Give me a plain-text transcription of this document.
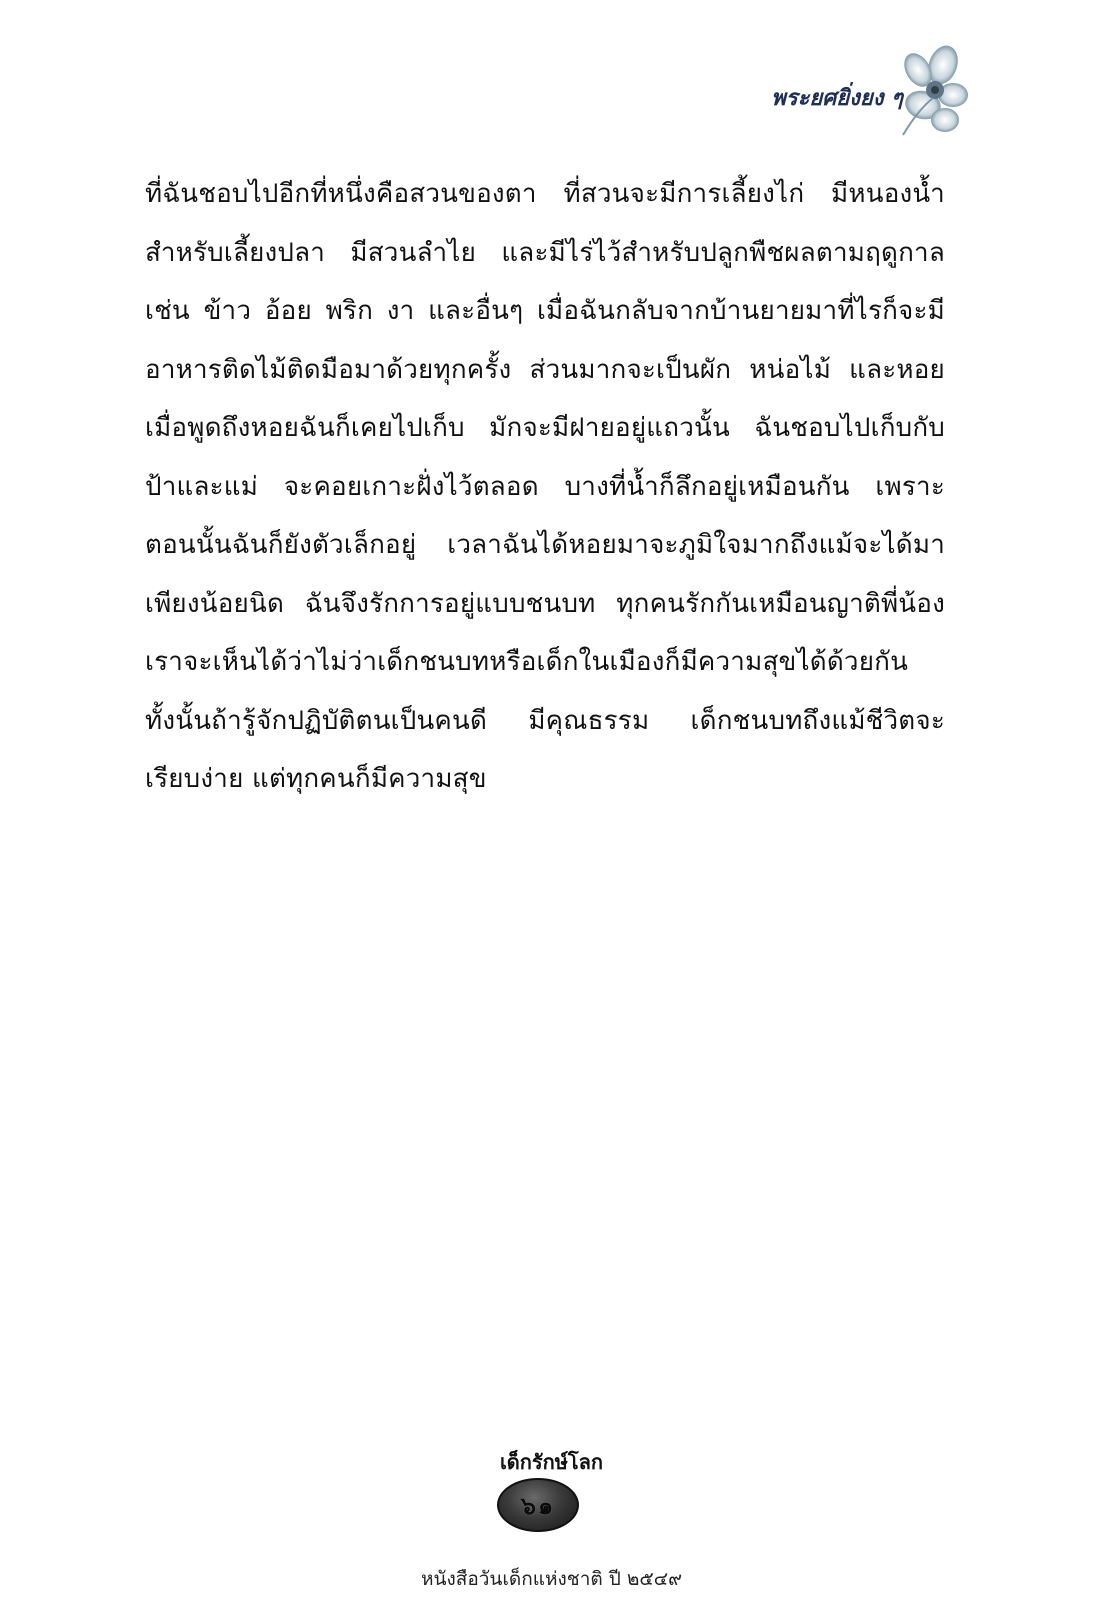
พระยศยิ่งยง ๆ

ที่ฉันชอบไปอีกที่หนึ่งคือสวนของตา ที่สวนจะมีการเลี้ยงไก่ มีหนองน้ำ

สำหรับเลี้ยงปลา มีสวนลำไย และมีไร่ไว้สำหรับปลูกพืชผลตามฤดูกาล

เช่น ข้าว อ้อย พริก งา และอื่นๆ เมื่อฉันกลับจากบ้านยายมาที่ไรก็จะมี

อาหารติดไม้ติดมือมาด้วยทุกครั้ง ส่วนมากจะเป็นผัก หน่อไม้ และหอย

เมื่อพูดถึงหอยฉันก็เคยไปเก็บ มักจะมีฝายอยู่แถวนั้น ฉันชอบไปเก็บกับ

ป้าและแม่ จะคอยเกาะฝั่งไว้ตลอด บางที่น้ำก็ลึกอยู่เหมือนกัน เพราะ

ตอนนั้นฉันก็ยังตัวเล็กอยู่ เวลาฉันได้หอยมาจะภูมิใจมากถึงแม้จะได้มา

เพียงน้อยนิด ฉันจึงรักการอยู่แบบชนบท ทุกคนรักกันเหมือนญาติพี่น้อง

เราจะเห็นได้ว่าไม่ว่าเด็กชนบทหรือเด็กในเมืองก็มีความสุขได้ด้วยกัน

ทั้งนั้นถ้ารู้จักปฏิบัติตนเป็นคนดี มีคุณธรรม เด็กชนบทถึงแม้ชีวิตจะ

เรียบง่าย แต่ทุกคนก็มีความสุข

เด็กรักษ์โลก
๖๑
หนังสือวันเด็กแห่งชาติ ปี ๒๕๔๙
